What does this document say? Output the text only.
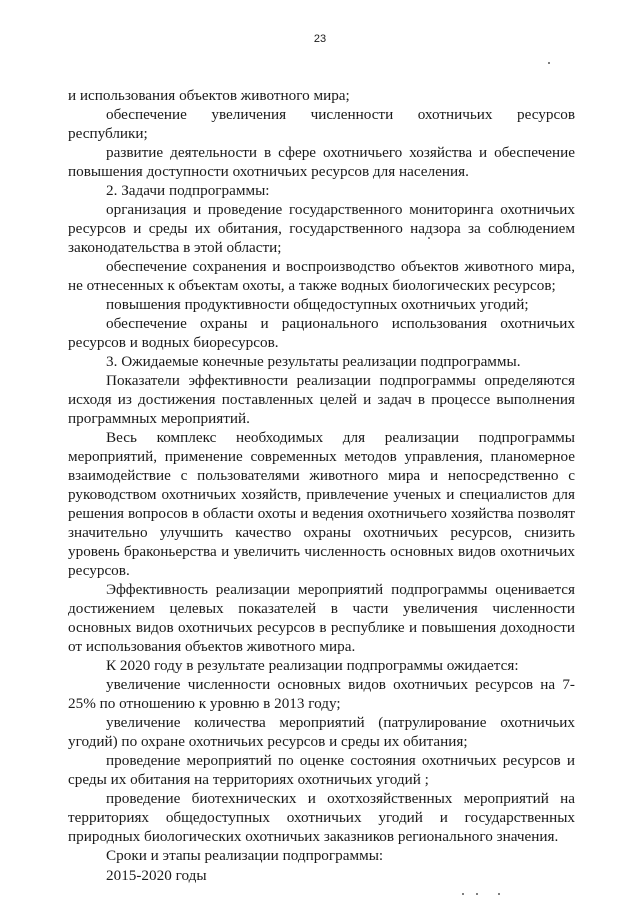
23

и использования объектов животного мира;

обеспечение увеличения численности охотничьих ресурсов республики;

развитие деятельности в сфере охотничьего хозяйства и обеспечение повышения доступности охотничьих ресурсов для населения.

2. Задачи подпрограммы:

организация и проведение государственного мониторинга охотничьих ресурсов и среды их обитания, государственного надзора за соблюдением законодательства в этой области;

обеспечение сохранения и воспроизводство объектов животного мира, не отнесенных к объектам охоты, а также водных биологических ресурсов;

повышения продуктивности общедоступных охотничьих угодий;

обеспечение охраны и рационального использования охотничьих ресурсов и водных биоресурсов.

3. Ожидаемые конечные результаты реализации подпрограммы.

Показатели эффективности реализации подпрограммы определяются исходя из достижения поставленных целей и задач в процессе выполнения программных мероприятий.

Весь комплекс необходимых для реализации подпрограммы мероприятий, применение современных методов управления, планомерное взаимодействие с пользователями животного мира и непосредственно с руководством охотничьих хозяйств, привлечение ученых и специалистов для решения вопросов в области охоты и ведения охотничьего хозяйства позволят значительно улучшить качество охраны охотничьих ресурсов, снизить уровень браконьерства и увеличить численность основных видов охотничьих ресурсов.

Эффективность реализации мероприятий подпрограммы оценивается достижением целевых показателей в части увеличения численности основных видов охотничьих ресурсов в республике и повышения доходности от использования объектов животного мира.

К 2020 году в результате реализации подпрограммы ожидается:

увеличение численности основных видов охотничьих ресурсов на 7-25% по отношению к уровню в 2013 году;

увеличение количества мероприятий (патрулирование охотничьих угодий) по охране охотничьих ресурсов и среды их обитания;

проведение мероприятий по оценке состояния охотничьих ресурсов и среды их обитания на территориях охотничьих угодий ;

проведение биотехнических и охотхозяйственных мероприятий на территориях общедоступных охотничьих угодий и государственных природных биологических охотничьих заказников регионального значения.

Сроки и этапы реализации подпрограммы:

2015-2020 годы
